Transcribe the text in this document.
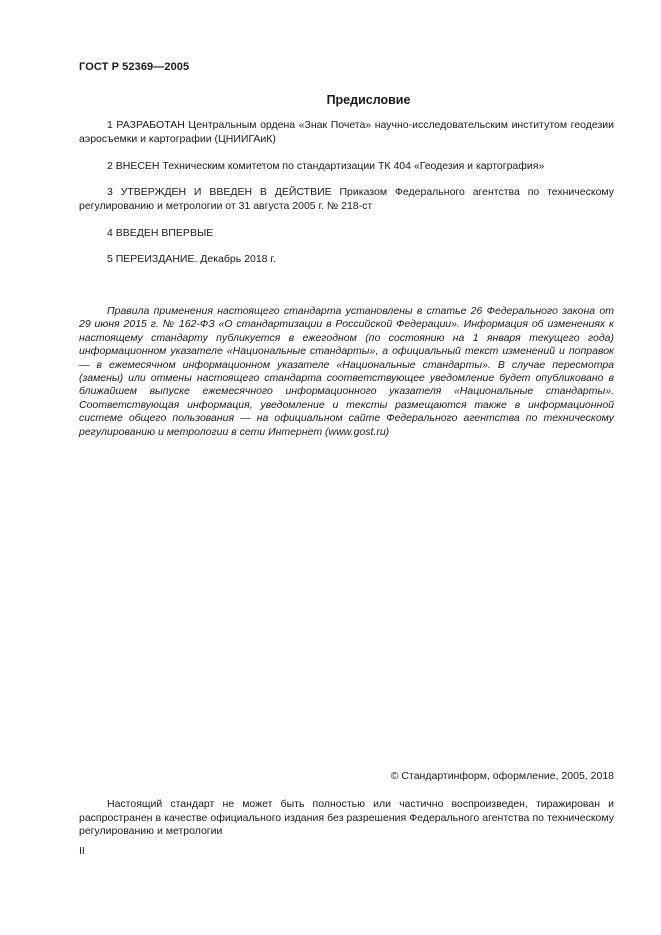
ГОСТ Р 52369—2005
Предисловие

1 РАЗРАБОТАН Центральным ордена «Знак Почета» научно-исследовательским институтом геодезии аэросъемки и картографии (ЦНИИГАиК)

2 ВНЕСЕН Техническим комитетом по стандартизации ТК 404 «Геодезия и картография»

3 УТВЕРЖДЕН И ВВЕДЕН В ДЕЙСТВИЕ Приказом Федерального агентства по техническому регулированию и метрологии от 31 августа 2005 г. № 218-ст

4 ВВЕДЕН ВПЕРВЫЕ

5 ПЕРЕИЗДАНИЕ. Декабрь 2018 г.

Правила применения настоящего стандарта установлены в статье 26 Федерального закона от 29 июня 2015 г. № 162-ФЗ «О стандартизации в Российской Федерации». Информация об изменениях к настоящему стандарту публикуется в ежегодном (по состоянию на 1 января текущего года) информационном указателе «Национальные стандарты», а официальный текст изменений и поправок — в ежемесячном информационном указателе «Национальные стандарты». В случае пересмотра (замены) или отмены настоящего стандарта соответствующее уведомление будет опубликовано в ближайшем выпуске ежемесячного информационного указателя «Национальные стандарты». Соответствующая информация, уведомление и тексты размещаются также в информационной системе общего пользования — на официальном сайте Федерального агентства по техническому регулированию и метрологии в сети Интернет (www.gost.ru)

© Стандартинформ, оформление, 2005, 2018

Настоящий стандарт не может быть полностью или частично воспроизведен, тиражирован и распространен в качестве официального издания без разрешения Федерального агентства по техническому регулированию и метрологии

II
